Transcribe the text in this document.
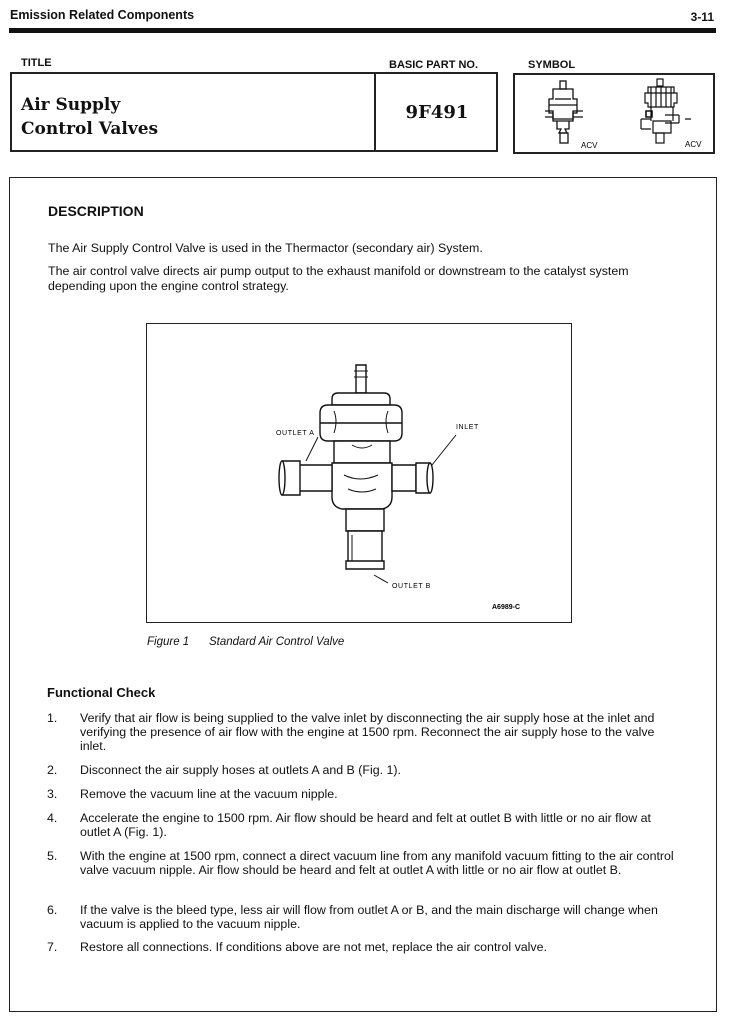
Emission Related Components	3-11
TITLE	BASIC PART NO.	SYMBOL
Air Supply
Control Valves
9F491
ACV	ACV
DESCRIPTION
The Air Supply Control Valve is used in the Thermactor (secondary air) System.
The air control valve directs air pump output to the exhaust manifold or downstream to the catalyst system depending upon the engine control strategy.
OUTLET A
INLET
OUTLET B
A6989-C
Figure 1 Standard Air Control Valve
Functional Check
1. Verify that air flow is being supplied to the valve inlet by disconnecting the air supply hose at the inlet and verifying the presence of air flow with the engine at 1500 rpm. Reconnect the air supply hose to the valve inlet.
2. Disconnect the air supply hoses at outlets A and B (Fig. 1).
3. Remove the vacuum line at the vacuum nipple.
4. Accelerate the engine to 1500 rpm. Air flow should be heard and felt at outlet B with little or no air flow at outlet A (Fig. 1).
5. With the engine at 1500 rpm, connect a direct vacuum line from any manifold vacuum fitting to the air control valve vacuum nipple. Air flow should be heard and felt at outlet A with little or no air flow at outlet B.
6. If the valve is the bleed type, less air will flow from outlet A or B, and the main discharge will change when vacuum is applied to the vacuum nipple.
7. Restore all connections. If conditions above are not met, replace the air control valve.
